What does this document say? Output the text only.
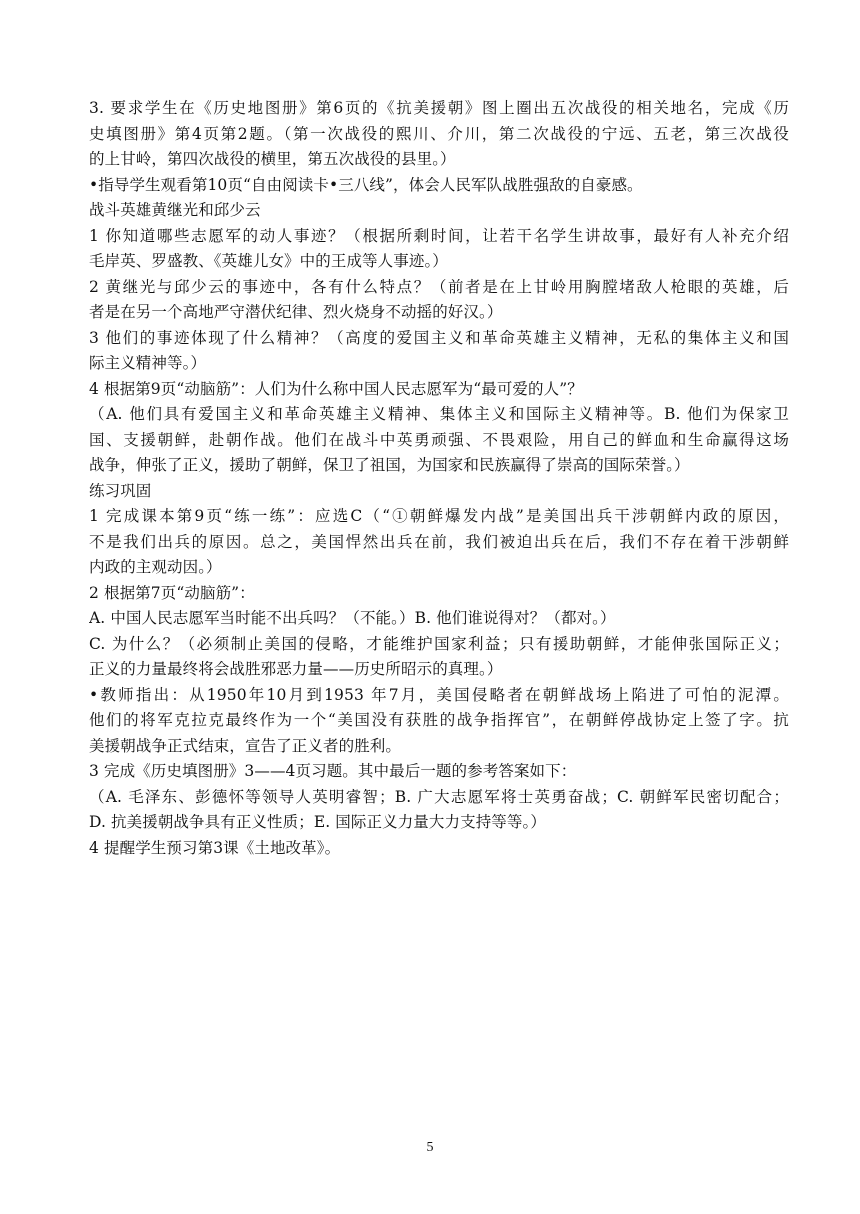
3. 要求学生在《历史地图册》第6页的《抗美援朝》图上圈出五次战役的相关地名，完成《历
史填图册》第4页第2题。（第一次战役的熙川、介川，第二次战役的宁远、五老，第三次战役
的上甘岭，第四次战役的横里，第五次战役的县里。）
•指导学生观看第10页“自由阅读卡•三八线”，体会人民军队战胜强敌的自豪感。
战斗英雄黄继光和邱少云
1 你知道哪些志愿军的动人事迹？（根据所剩时间，让若干名学生讲故事，最好有人补充介绍
毛岸英、罗盛教、《英雄儿女》中的王成等人事迹。）
2 黄继光与邱少云的事迹中，各有什么特点？（前者是在上甘岭用胸膛堵敌人枪眼的英雄，后
者是在另一个高地严守潜伏纪律、烈火烧身不动摇的好汉。）
3 他们的事迹体现了什么精神？（高度的爱国主义和革命英雄主义精神，无私的集体主义和国
际主义精神等。）
4 根据第9页“动脑筋”：人们为什么称中国人民志愿军为“最可爱的人”？
（A. 他们具有爱国主义和革命英雄主义精神、集体主义和国际主义精神等。B. 他们为保家卫
国、支援朝鲜，赴朝作战。他们在战斗中英勇顽强、不畏艰险，用自己的鲜血和生命赢得这场
战争，伸张了正义，援助了朝鲜，保卫了祖国，为国家和民族赢得了崇高的国际荣誉。）
练习巩固
1 完成课本第9页“练一练”：应选C（“①朝鲜爆发内战”是美国出兵干涉朝鲜内政的原因，
不是我们出兵的原因。总之，美国悍然出兵在前，我们被迫出兵在后，我们不存在着干涉朝鲜
内政的主观动因。）
2 根据第7页“动脑筋”：
A. 中国人民志愿军当时能不出兵吗？（不能。）B. 他们谁说得对？（都对。）
C. 为什么？（必须制止美国的侵略，才能维护国家利益；只有援助朝鲜，才能伸张国际正义；
正义的力量最终将会战胜邪恶力量——历史所昭示的真理。）
•教师指出：从1950年10月到1953 年7月，美国侵略者在朝鲜战场上陷进了可怕的泥潭。
他们的将军克拉克最终作为一个“美国没有获胜的战争指挥官”，在朝鲜停战协定上签了字。抗
美援朝战争正式结束，宣告了正义者的胜利。
3 完成《历史填图册》3——4页习题。其中最后一题的参考答案如下：
（A. 毛泽东、彭德怀等领导人英明睿智；B. 广大志愿军将士英勇奋战；C. 朝鲜军民密切配合；
D. 抗美援朝战争具有正义性质；E. 国际正义力量大力支持等等。）
4 提醒学生预习第3课《土地改革》。
5
